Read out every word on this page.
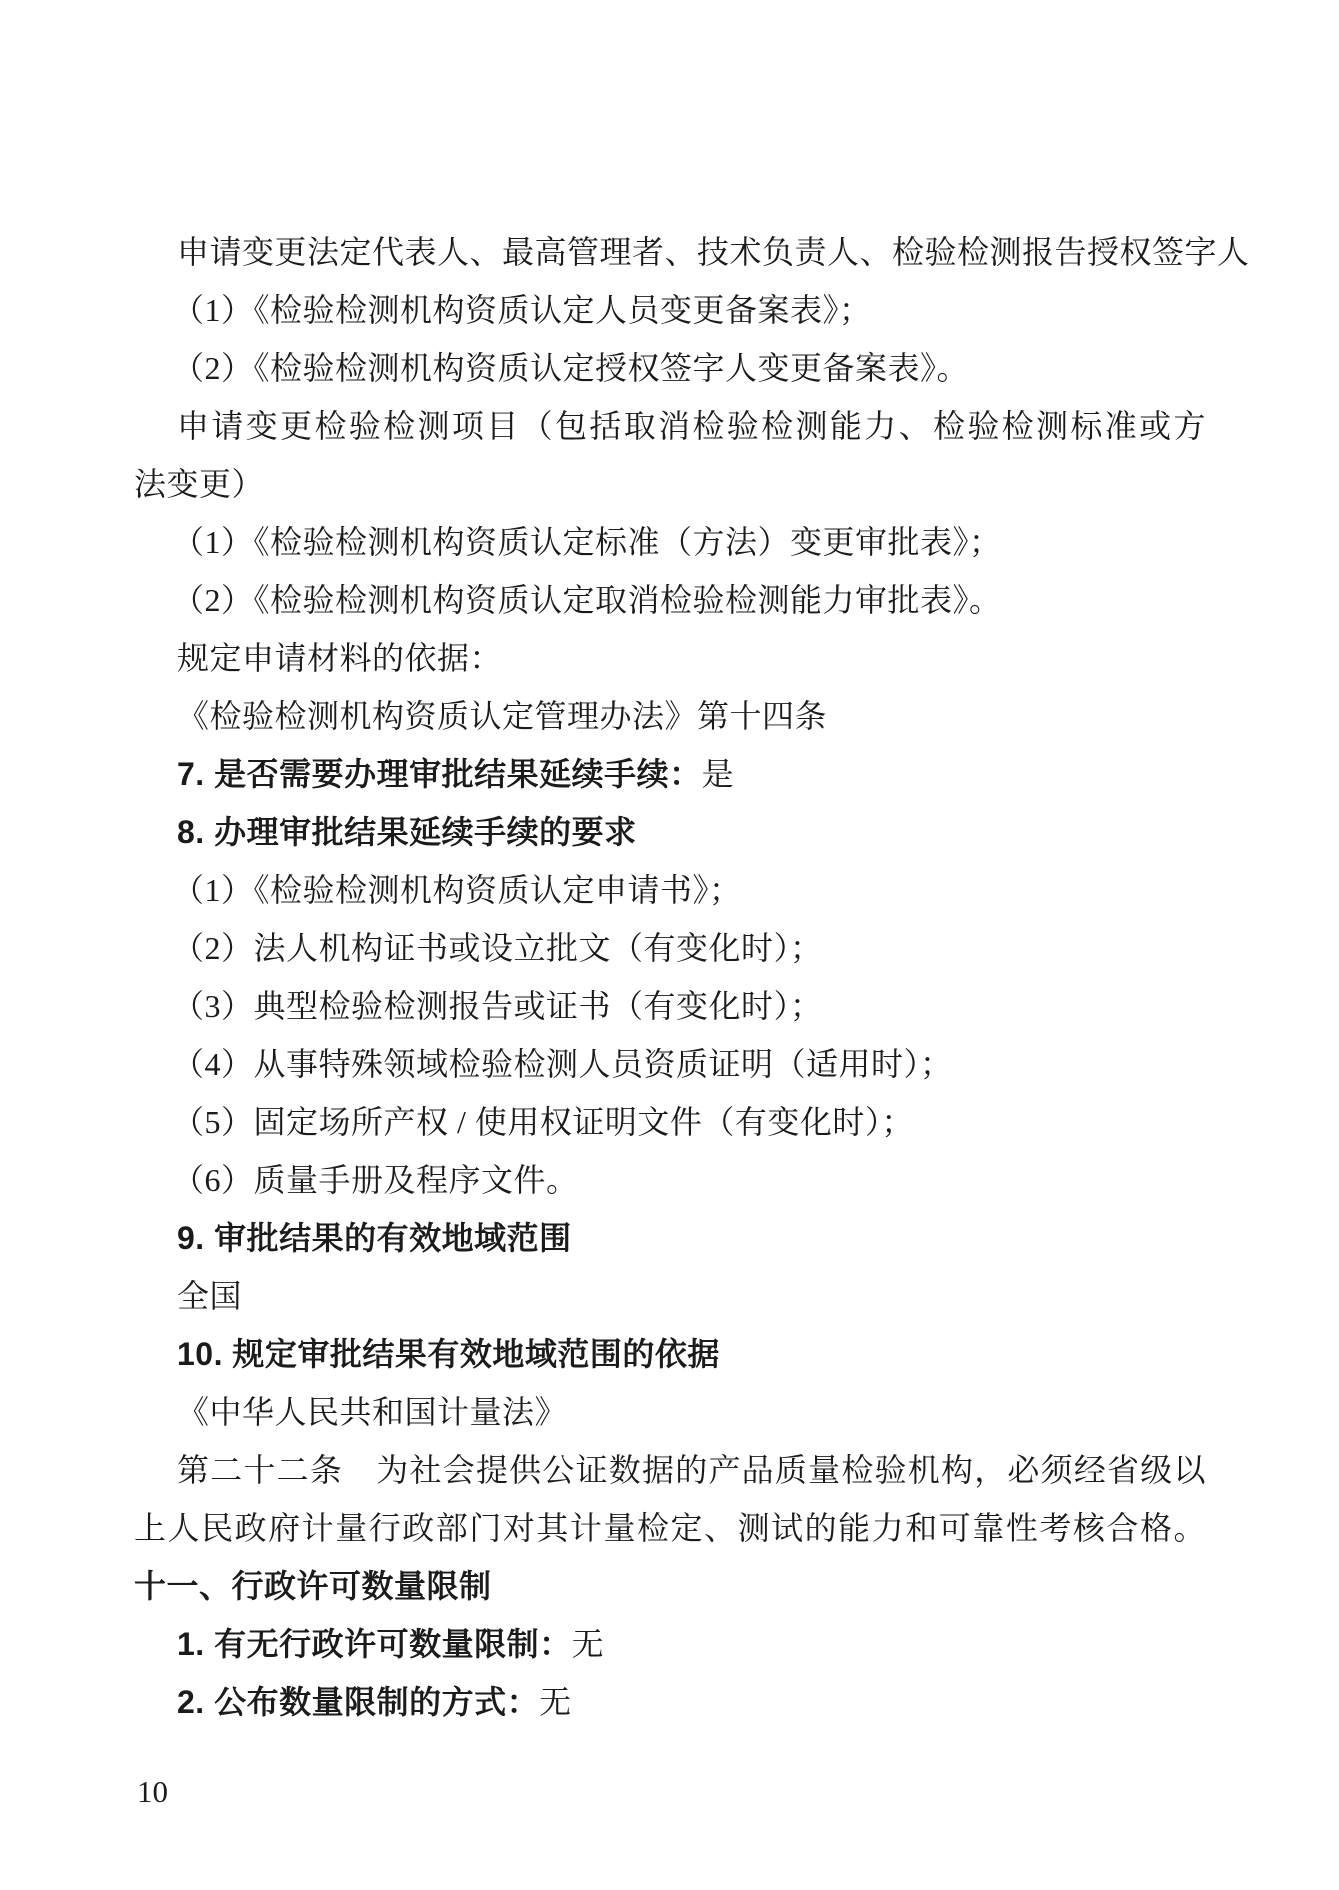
申请变更法定代表人、最高管理者、技术负责人、检验检测报告授权签字人
（1）《检验检测机构资质认定人员变更备案表》；
（2）《检验检测机构资质认定授权签字人变更备案表》。
申请变更检验检测项目（包括取消检验检测能力、检验检测标准或方
法变更）
（1）《检验检测机构资质认定标准（方法）变更审批表》；
（2）《检验检测机构资质认定取消检验检测能力审批表》。
规定申请材料的依据：
《检验检测机构资质认定管理办法》第十四条
7. 是否需要办理审批结果延续手续：是
8. 办理审批结果延续手续的要求
（1）《检验检测机构资质认定申请书》；
（2）法人机构证书或设立批文（有变化时）；
（3）典型检验检测报告或证书（有变化时）；
（4）从事特殊领域检验检测人员资质证明（适用时）；
（5）固定场所产权 / 使用权证明文件（有变化时）；
（6）质量手册及程序文件。
9. 审批结果的有效地域范围
全国
10. 规定审批结果有效地域范围的依据
《中华人民共和国计量法》
第二十二条　为社会提供公证数据的产品质量检验机构，必须经省级以
上人民政府计量行政部门对其计量检定、测试的能力和可靠性考核合格。
十一、行政许可数量限制
1. 有无行政许可数量限制：无
2. 公布数量限制的方式：无
10
